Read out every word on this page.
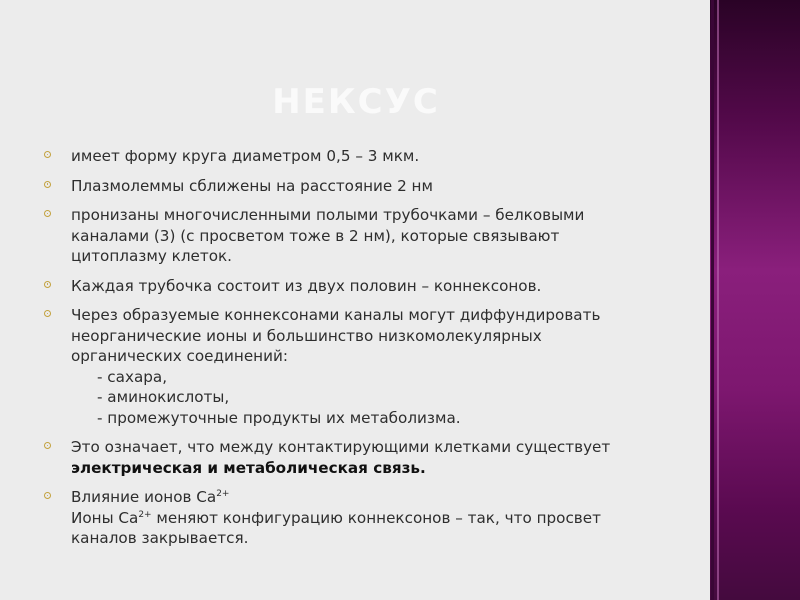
НЕКСУС
имеет форму круга диаметром 0,5 – 3 мкм.
Плазмолеммы сближены на расстояние 2 нм
пронизаны многочисленными полыми трубочками – белковыми
каналами (3) (с просветом тоже в 2 нм), которые связывают
цитоплазму клеток.
Каждая трубочка состоит из двух половин – коннексонов.
Через образуемые коннексонами каналы могут диффундировать
неорганические ионы и большинство низкомолекулярных
органических соединений:
- сахара,
- аминокислоты,
- промежуточные продукты их метаболизма.
Это означает, что между контактирующими клетками существует
электрическая и метаболическая связь.
Влияние ионов $Са^{2+}$
Ионы $Са^{2+}$ меняют конфигурацию коннексонов – так, что просвет
каналов закрывается.
